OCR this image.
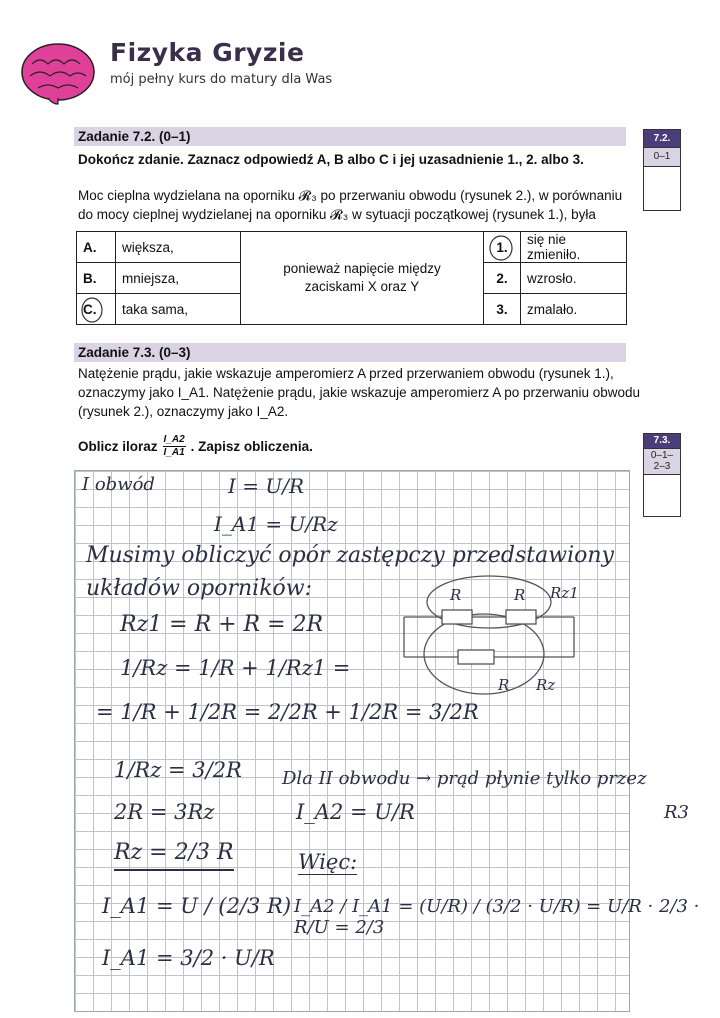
Fizyka Gryzie
mój pełny kurs do matury dla Was
Zadanie 7.2. (0–1)
Dokończ zdanie. Zaznacz odpowiedź A, B albo C i jej uzasadnienie 1., 2. albo 3.
Moc cieplna wydzielana na oporniku 𝓡₃ po przerwaniu obwodu (rysunek 2.), w porównaniu
do mocy cieplnej wydzielanej na oporniku 𝓡₃ w sytuacji początkowej (rysunek 1.), była
7.2.
0–1
A.	większa,	ponieważ napięcie między zaciskami X oraz Y	1.	się nie zmieniło.
B.	mniejsza,		2.	wzrosło.
C.	taka sama,		3.	zmalało.
Zadanie 7.3. (0–3)
Natężenie prądu, jakie wskazuje amperomierz A przed przerwaniem obwodu (rysunek 1.),
oznaczymy jako I_A1. Natężenie prądu, jakie wskazuje amperomierz A po przerwaniu obwodu
(rysunek 2.), oznaczymy jako I_A2.
Oblicz iloraz $\frac{I\_A2}{I\_A1}$ . Zapisz obliczenia.	7.3.
0–1–
2–3
I obwód	I = U/R
I_A1 = U/Rz
Musimy obliczyć opór zastępczy przedstawiony
układów oporników:
Rz1 = R + R = 2R
1/Rz = 1/R + 1/Rz1 =
= 1/R + 1/2R = 2/2R + 1/2R = 3/2R
1/Rz = 3/2R
2R = 3Rz
Rz = 2/3 R
I_A1 = U / (2/3 R)
I_A1 = 3/2 · U/R
Dla II obwodu → prąd płynie tylko przez
R3
I_A2 = U/R
Więc:
I_A2 / I_A1 = (U/R) / (3/2 · U/R) = U/R · 2/3 · R/U = 2/3
R	R Rz1
R Rz
